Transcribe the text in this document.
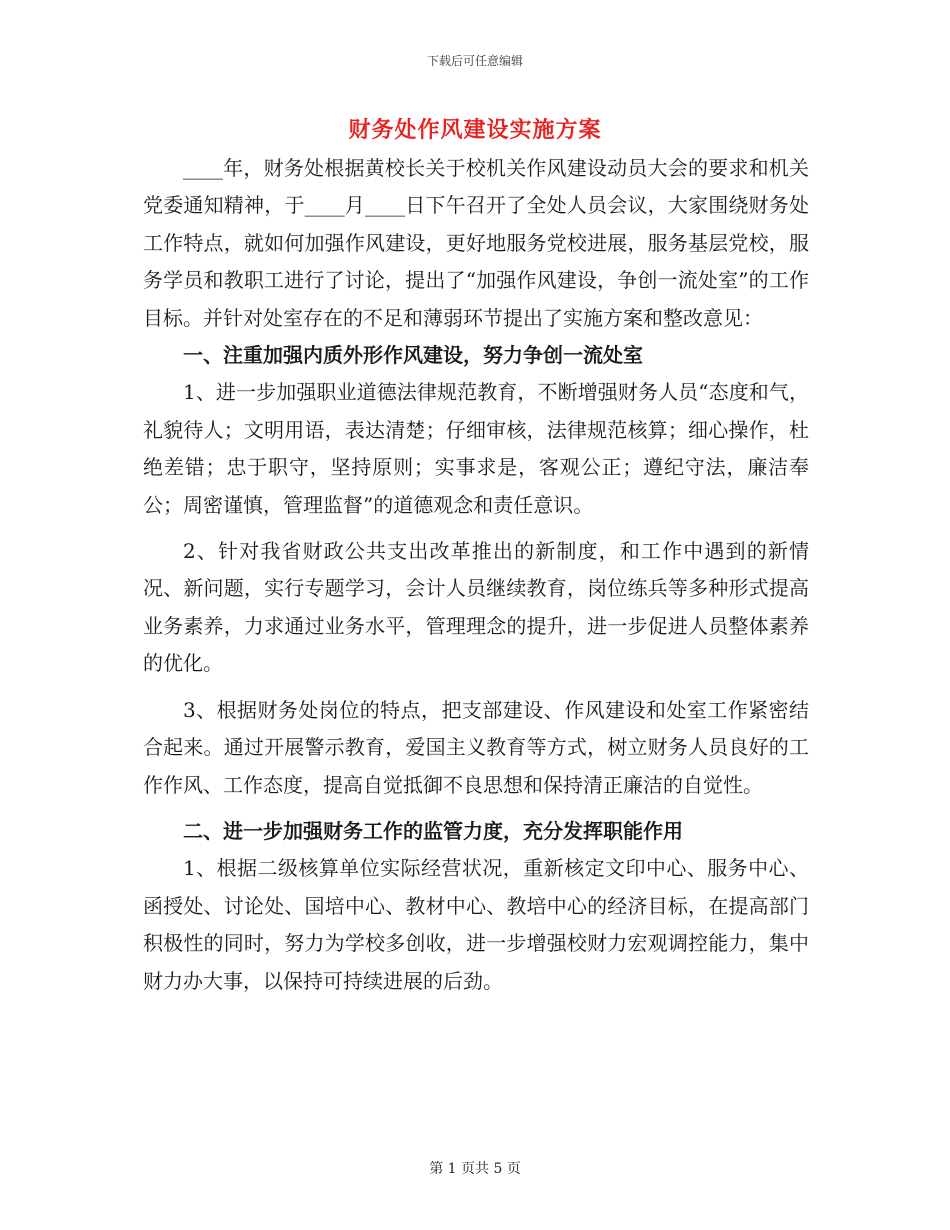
下载后可任意编辑
财务处作风建设实施方案

____年，财务处根据黄校长关于校机关作风建设动员大会的要求和机关党委通知精神，于____月____日下午召开了全处人员会议，大家围绕财务处工作特点，就如何加强作风建设，更好地服务党校进展，服务基层党校，服务学员和教职工进行了讨论，提出了“加强作风建设，争创一流处室”的工作目标。并针对处室存在的不足和薄弱环节提出了实施方案和整改意见：

一、注重加强内质外形作风建设，努力争创一流处室

1、进一步加强职业道德法律规范教育，不断增强财务人员“态度和气，礼貌待人；文明用语，表达清楚；仔细审核，法律规范核算；细心操作，杜绝差错；忠于职守，坚持原则；实事求是，客观公正；遵纪守法，廉洁奉公；周密谨慎，管理监督”的道德观念和责任意识。

2、针对我省财政公共支出改革推出的新制度，和工作中遇到的新情况、新问题，实行专题学习，会计人员继续教育，岗位练兵等多种形式提高业务素养，力求通过业务水平，管理理念的提升，进一步促进人员整体素养的优化。

3、根据财务处岗位的特点，把支部建设、作风建设和处室工作紧密结合起来。通过开展警示教育，爱国主义教育等方式，树立财务人员良好的工作作风、工作态度，提高自觉抵御不良思想和保持清正廉洁的自觉性。

二、进一步加强财务工作的监管力度，充分发挥职能作用

1、根据二级核算单位实际经营状况，重新核定文印中心、服务中心、函授处、讨论处、国培中心、教材中心、教培中心的经济目标，在提高部门积极性的同时，努力为学校多创收，进一步增强校财力宏观调控能力，集中财力办大事，以保持可持续进展的后劲。

第 1 页共 5 页
